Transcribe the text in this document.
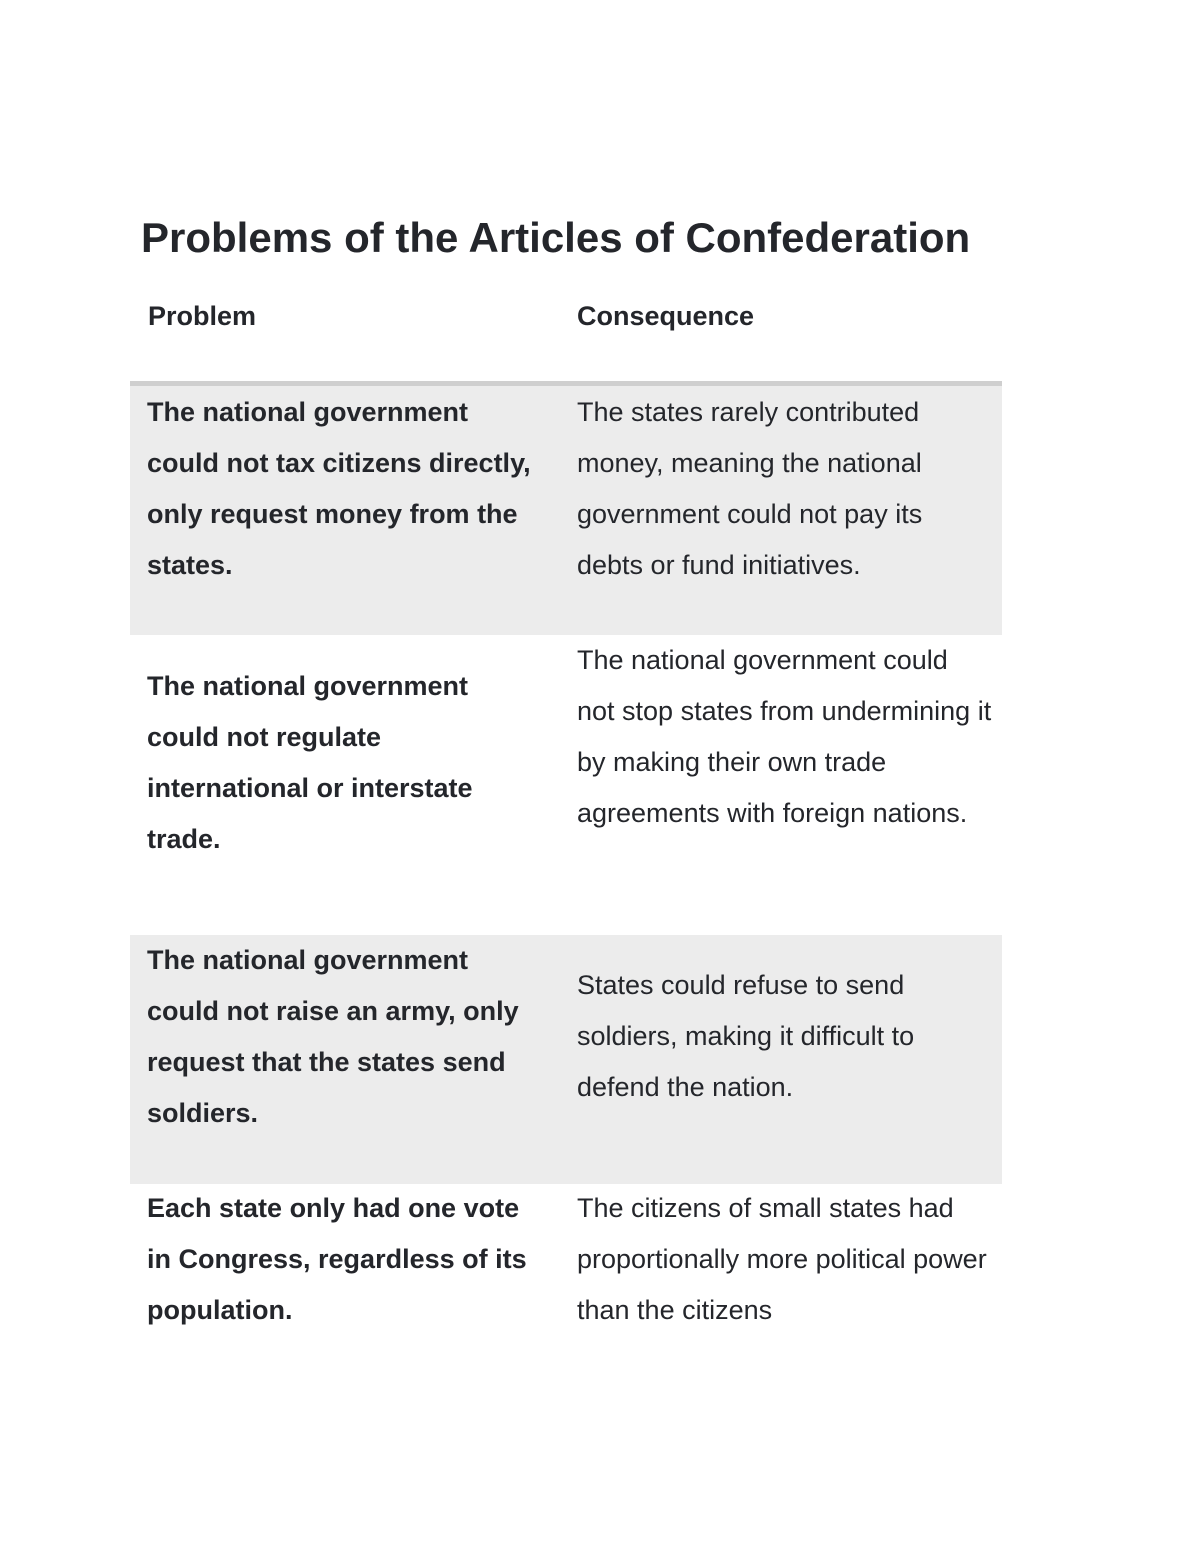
Problems of the Articles of Confederation
Problem	Consequence
The national government could not tax citizens directly, only request money from the states.
The states rarely contributed money, meaning the national government could not pay its debts or fund initiatives.
The national government could not regulate international or interstate trade.
The national government could not stop states from undermining it by making their own trade agreements with foreign nations.
The national government could not raise an army, only request that the states send soldiers.
States could refuse to send soldiers, making it difficult to defend the nation.
Each state only had one vote in Congress, regardless of its population.
The citizens of small states had proportionally more political power than the citizens
